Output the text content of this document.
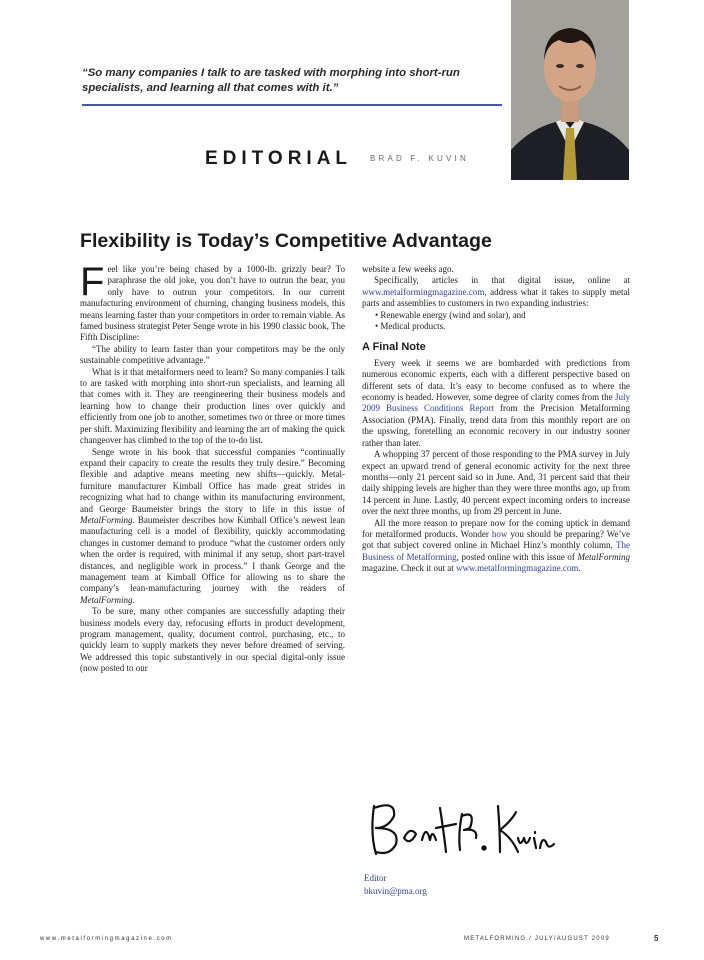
“So many companies I talk to are tasked with morphing into short-run specialists, and learning all that comes with it.”
EDITORIAL BRAD F. KUVIN
Flexibility is Today’s Competitive Advantage

Feel like you’re being chased by a 1000-lb. grizzly bear? To paraphrase the old joke, you don’t have to outrun the bear, you only have to outrun your competitors. In our current manufacturing environment of churning, changing business models, this means learning faster than your competitors in order to remain viable. As famed business strategist Peter Senge wrote in his 1990 classic book, The Fifth Discipline:

“The ability to learn faster than your competitors may be the only sustainable competitive advantage.”

What is it that metalformers need to learn? So many companies I talk to are tasked with morphing into short-run specialists, and learning all that comes with it. They are reengineering their business models and learning how to change their production lines over quickly and efficiently from one job to another, sometimes two or three or more times per shift. Maximizing flexibility and learning the art of making the quick changeover has climbed to the top of the to-do list.

Senge wrote in his book that successful companies “continually expand their capacity to create the results they truly desire.” Becoming flexible and adaptive means meeting new shifts—quickly. Metal-furniture manufacturer Kimball Office has made great strides in recognizing what had to change within its manufacturing environment, and George Baumeister brings the story to life in this issue of MetalForming. Baumeister describes how Kimball Office’s newest lean manufacturing cell is a model of flexibility, quickly accommodating changes in customer demand to produce “what the customer orders only when the order is required, with minimal if any setup, short part-travel distances, and negligible work in process.” I thank George and the management team at Kimball Office for allowing us to share the company’s lean-manufacturing journey with the readers of MetalForming.

To be sure, many other companies are successfully adapting their business models every day, refocusing efforts in product development, program management, quality, document control, purchasing, etc., to quickly learn to supply markets they never before dreamed of serving. We addressed this topic substantively in our special digital-only issue (now posted to our

website a few weeks ago.

Specifically, articles in that digital issue, online at www.metalformingmagazine.com, address what it takes to supply metal parts and assemblies to customers in two expanding industries:

• Renewable energy (wind and solar), and
• Medical products.
A Final Note

Every week it seems we are bombarded with predictions from numerous economic experts, each with a different perspective based on different sets of data. It’s easy to become confused as to where the economy is headed. However, some degree of clarity comes from the July 2009 Business Conditions Report from the Precision Metalforming Association (PMA). Finally, trend data from this monthly report are on the upswing, foretelling an economic recovery in our industry sooner rather than later.

A whopping 37 percent of those responding to the PMA survey in July expect an upward trend of general economic activity for the next three months—only 21 percent said so in June. And, 31 percent said that their daily shipping levels are higher than they were three months ago, up from 14 percent in June. Lastly, 40 percent expect incoming orders to increase over the next three months, up from 29 percent in June.

All the more reason to prepare now for the coming uptick in demand for metalformed products. Wonder how you should be preparing? We’ve got that subject covered online in Michael Hinz’s monthly column, The Business of Metalforming, posted online with this issue of MetalForming magazine. Check it out at www.metalformingmagazine.com.

Editor
bkuvin@pma.org
www.metalformingmagazine.com	METALFORMING / JULY/AUGUST 2009	5
